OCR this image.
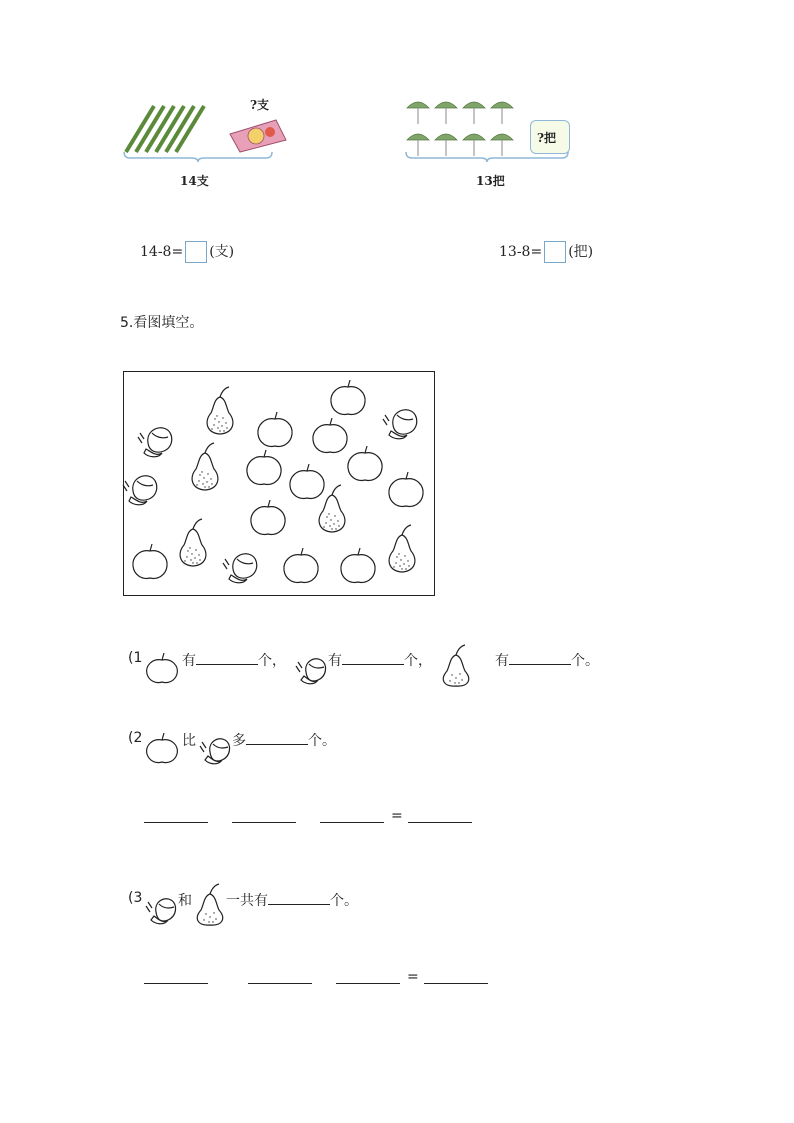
14支
?支
?把
13把
14-8= (支)	13-8= (把)
5.看图填空。
(1	有	个，	有	个，	有	个。
(2	比	多	个。
=
(3	和 一共有	个。
=
